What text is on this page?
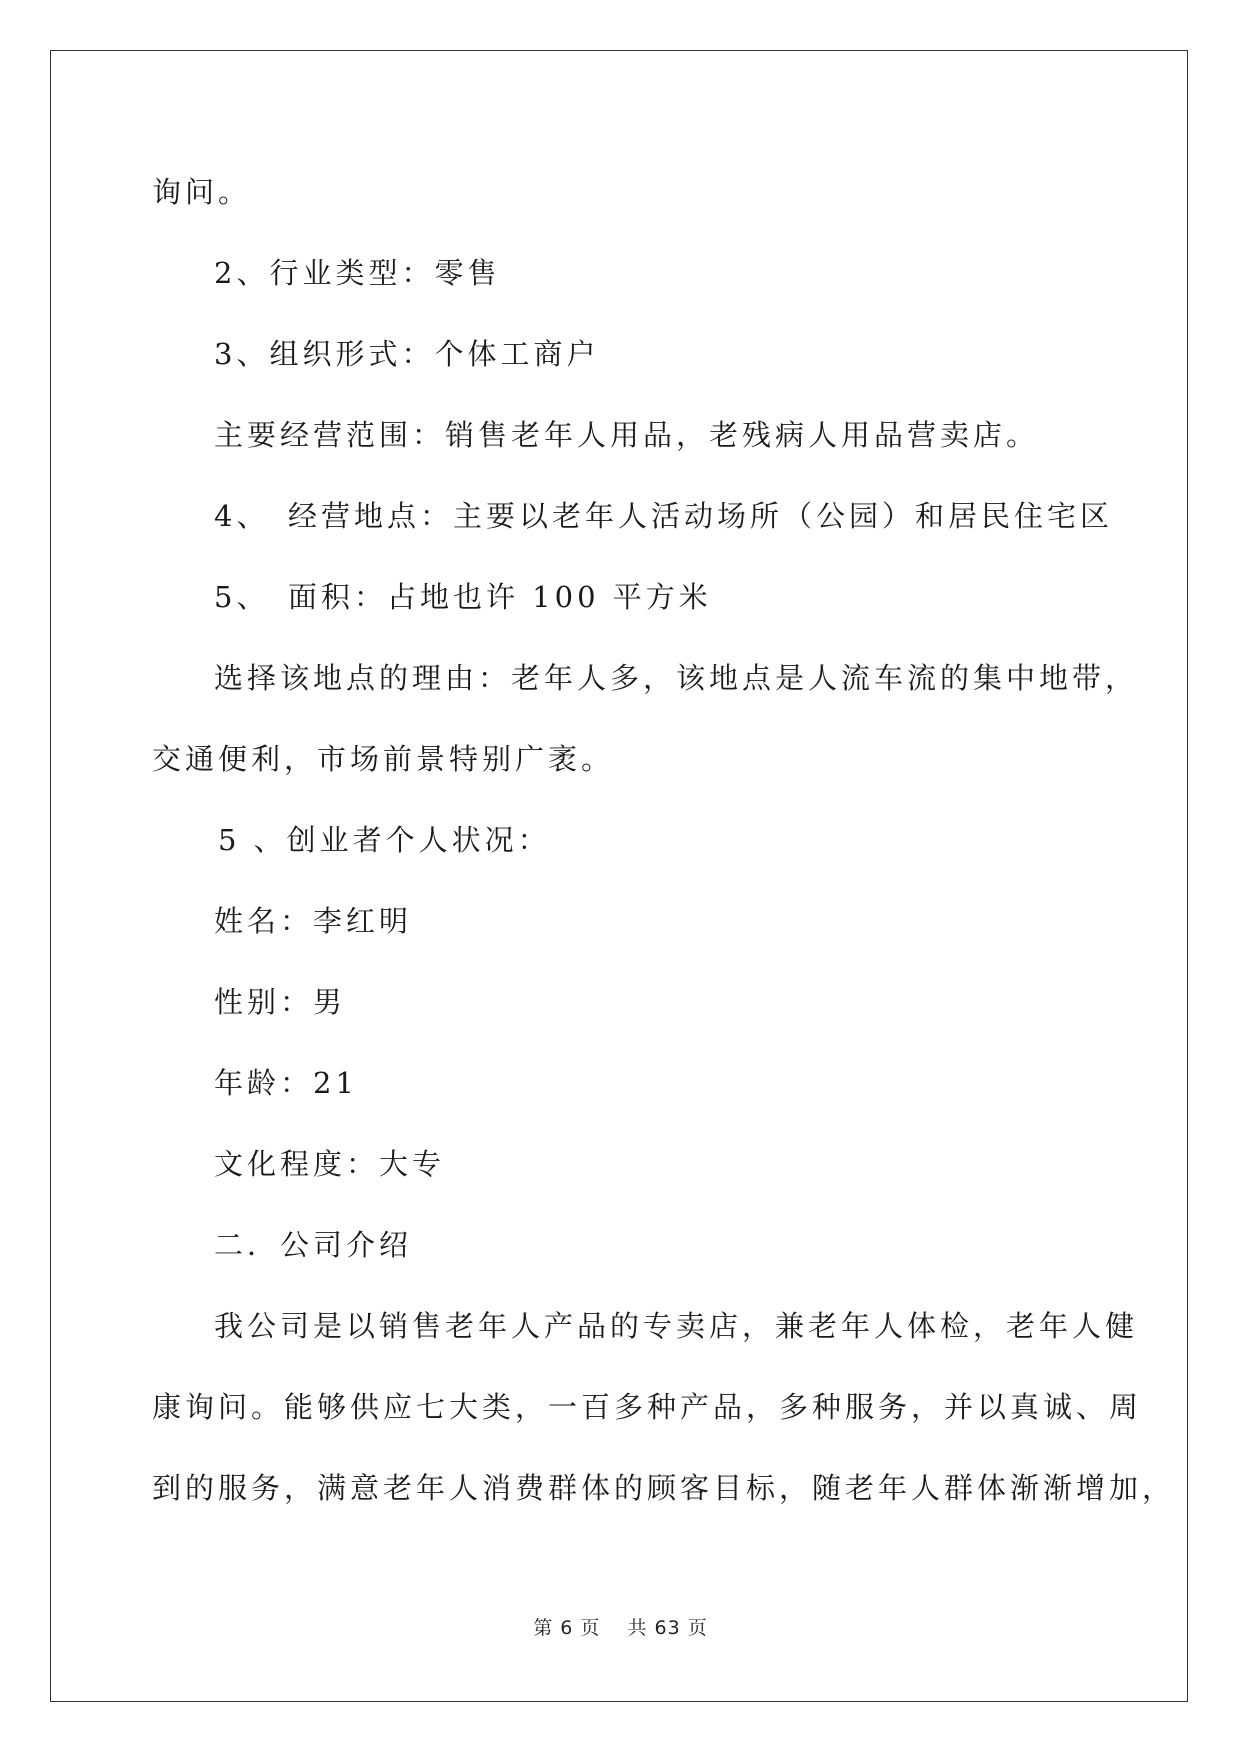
询问。
2、行业类型：零售
3、组织形式：个体工商户
主要经营范围：销售老年人用品，老残病人用品营卖店。
4、　经营地点：主要以老年人活动场所（公园）和居民住宅区
5、　面积：占地也许 100 平方米
选择该地点的理由：老年人多，该地点是人流车流的集中地带，
交通便利，市场前景特别广袤。
5 、创业者个人状况：
姓名：李红明
性别：男
年龄：21
文化程度：大专
二．公司介绍
我公司是以销售老年人产品的专卖店，兼老年人体检，老年人健
康询问。能够供应七大类，一百多种产品，多种服务，并以真诚、周
到的服务，满意老年人消费群体的顾客目标，随老年人群体渐渐增加，
第 6 页　 共 63 页
